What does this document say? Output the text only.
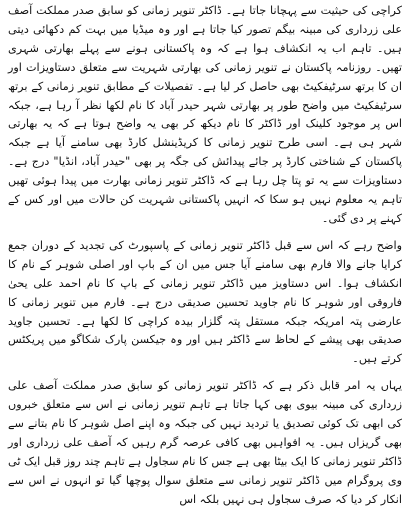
کراچی کی حیثیت سے پہچانا جاتا ہے۔ ڈاکٹر تنویر زمانی کو سابق صدر مملکت آصف علی زرداری کی مبینہ بیگم تصور کیا جاتا ہے اور وہ میڈیا میں بہت کم دکھائی دیتی ہیں۔ تاہم اب یہ انکشاف ہوا ہے کہ وہ پاکستانی ہونے سے پہلے بھارتی شہری تھیں۔ روزنامہ پاکستان نے تنویر زمانی کی بھارتی شہریت سے متعلق دستاویزات اور ان کا برتھ سرٹیفکیٹ بھی حاصل کر لیا ہے۔ تفصیلات کے مطابق تنویر زمانی کے برتھ سرٹیفکیٹ میں واضح طور پر بھارتی شہر حیدر آباد کا نام لکھا نظر آ رہا ہے، جبکہ اس پر موجود کلینک اور ڈاکٹر کا نام دیکھ کر بھی یہ واضح ہوتا ہے کہ یہ بھارتی شہر ہی ہے۔ اسی طرح تنویر زمانی کا کریڈینشل کارڈ بھی سامنے آیا ہے جبکہ پاکستان کے شناختی کارڈ پر جائے پیدائش کی جگہ پر بھی "حیدر آباد، انڈیا" درج ہے۔ دستاویزات سے یہ تو پتا چل رہا ہے کہ ڈاکٹر تنویر زمانی بھارت میں پیدا ہوئی تھیں تاہم یہ معلوم نہیں ہو سکا کہ انہیں پاکستانی شہریت کن حالات میں اور کس کے کہنے پر دی گئی۔

واضح رہے کہ اس سے قبل ڈاکٹر تنویر زمانی کے پاسپورٹ کی تجدید کے دوران جمع کرایا جانے والا فارم بھی سامنے آیا جس میں ان کے باپ اور اصلی شوہر کے نام کا انکشاف ہوا۔ اس دستاویز میں ڈاکٹر تنویر زمانی کے باپ کا نام احمد علی یحیٰ فاروقی اور شوہر کا نام جاوید تحسین صدیقی درج ہے۔ فارم میں تنویر زمانی کا عارضی پتہ امریکہ جبکہ مستقل پتہ گلزار بیدہ کراچی کا لکھا ہے۔ تحسین جاوید صدیقی بھی پیشے کے لحاظ سے ڈاکٹر ہیں اور وہ جیکسن پارک شکاگو میں پریکٹس کرتے ہیں۔

یہاں یہ امر قابل ذکر ہے کہ ڈاکٹر تنویر زمانی کو سابق صدر مملکت آصف علی زرداری کی مبینہ بیوی بھی کہا جاتا ہے تاہم تنویر زمانی نے اس سے متعلق خبروں کی ابھی تک کوئی تصدیق یا تردید نہیں کی جبکہ وہ اپنے اصل شوہر کا نام بتانے سے بھی گریزاں ہیں۔ یہ افواہیں بھی کافی عرصہ گرم رہیں کہ آصف علی زرداری اور ڈاکٹر تنویر زمانی کا ایک بیٹا بھی ہے جس کا نام سجاول ہے تاہم چند روز قبل ایک ٹی وی پروگرام میں ڈاکٹر تنویر زمانی سے متعلق سوال پوچھا گیا تو انہوں نے اس سے انکار کر دیا کہ صرف سجاول ہی نہیں بلکہ اس
